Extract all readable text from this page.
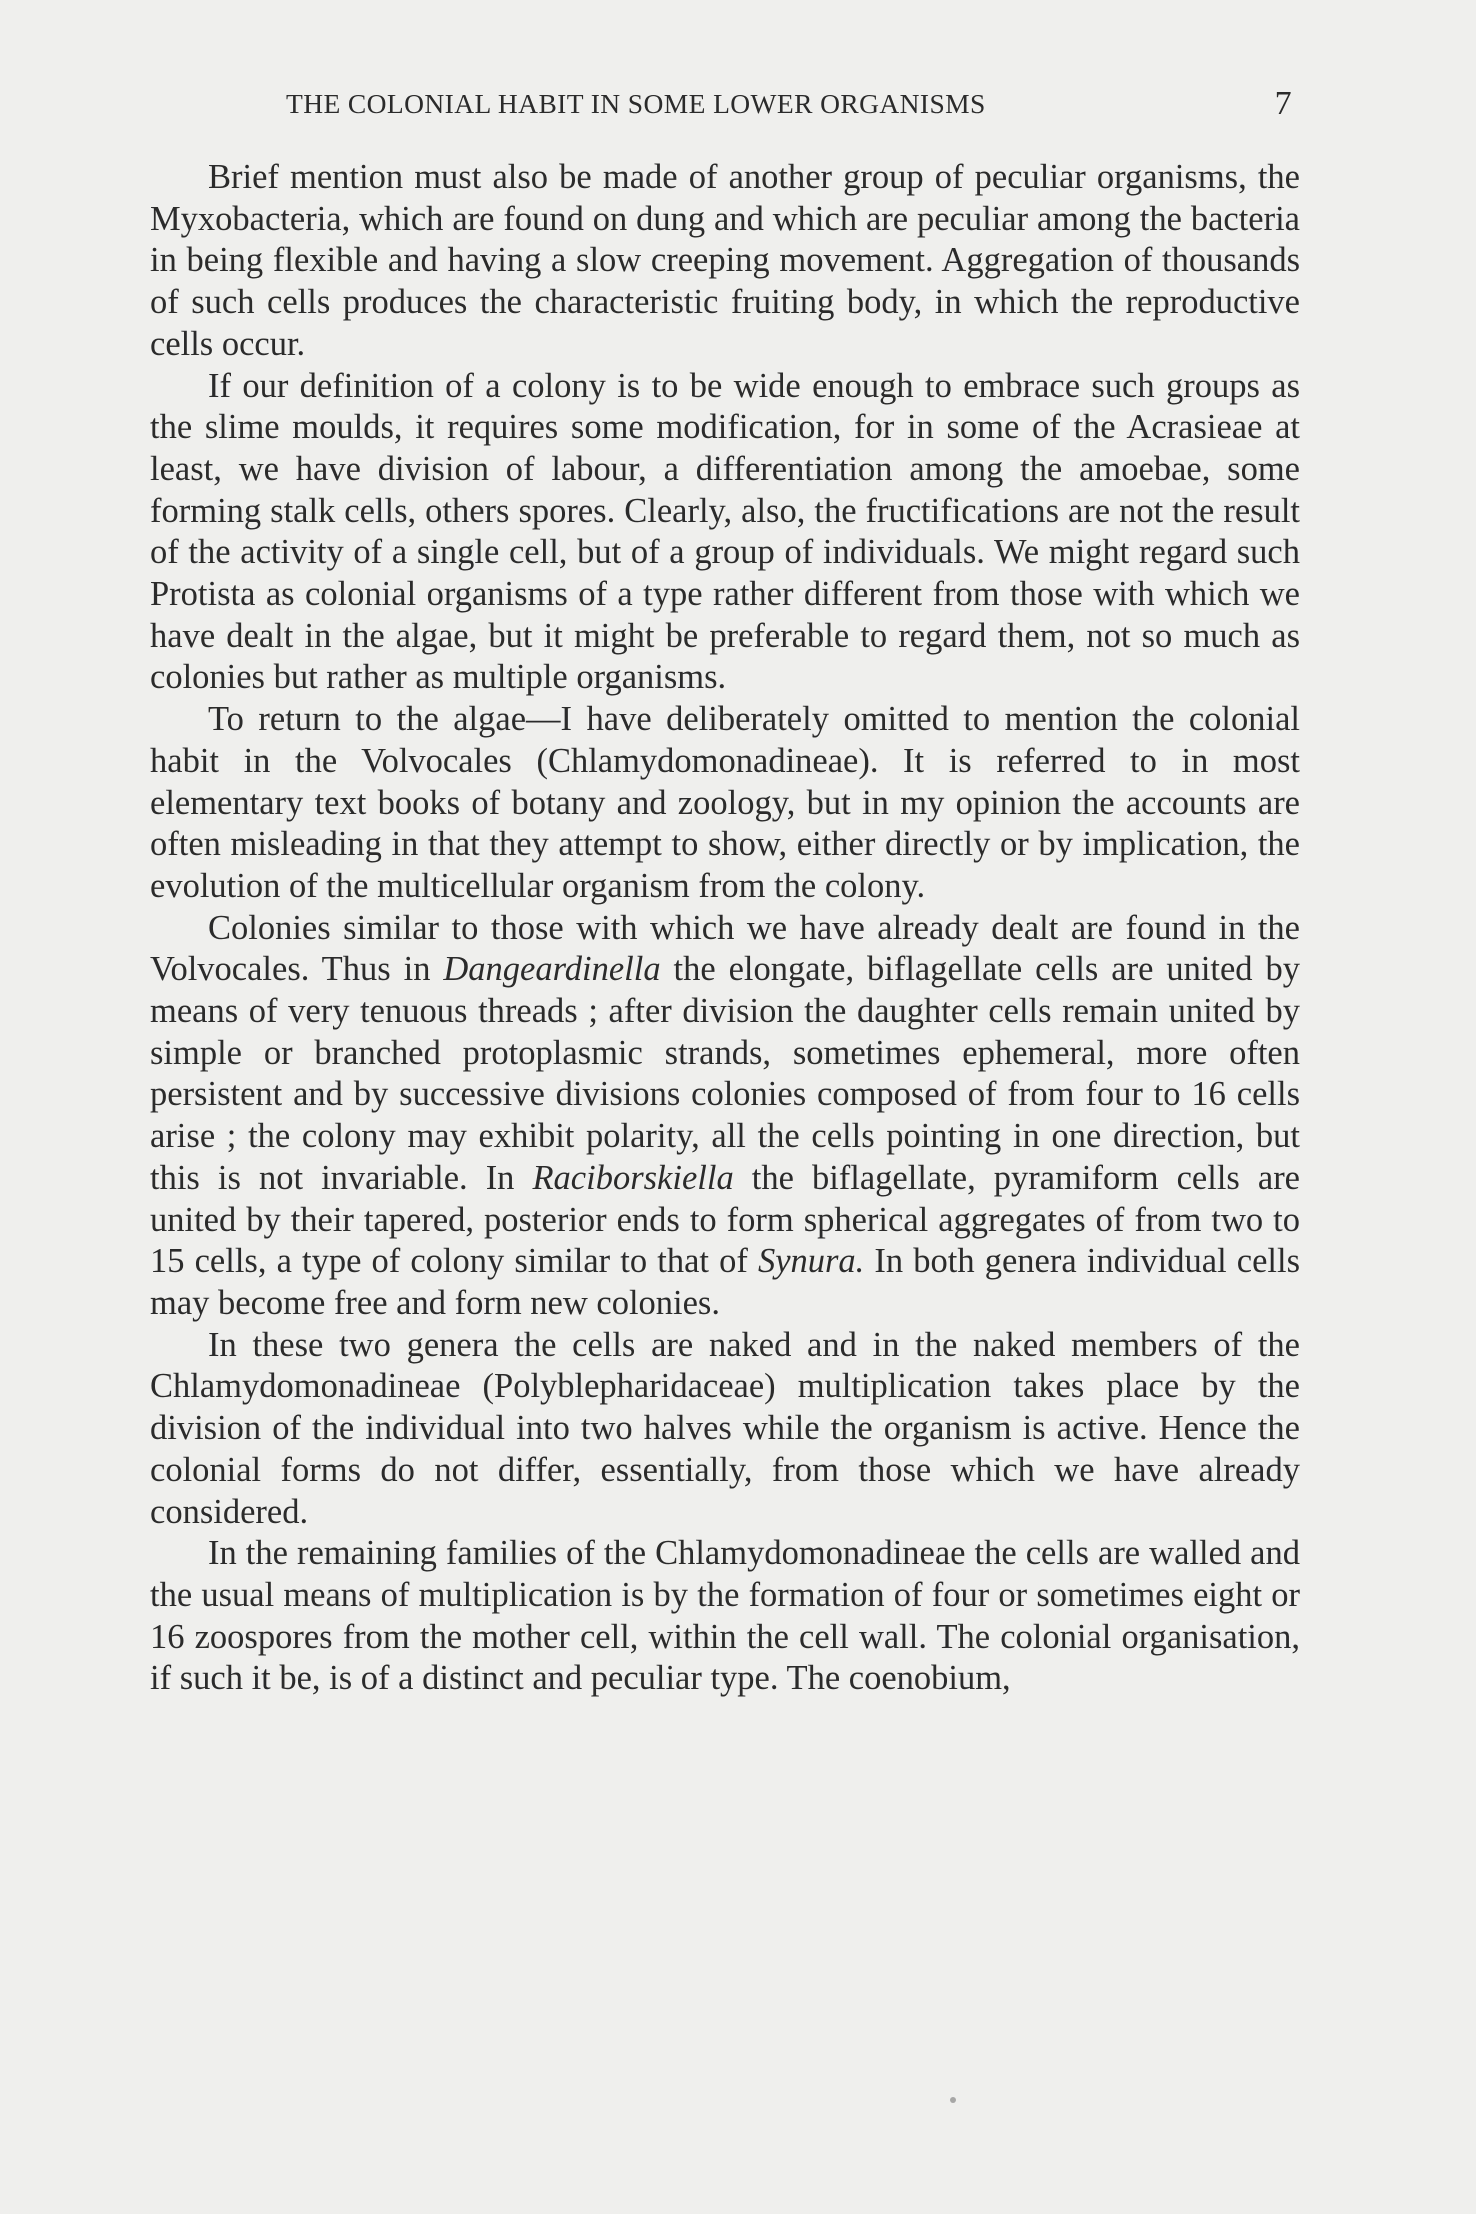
THE COLONIAL HABIT IN SOME LOWER ORGANISMS	7

Brief mention must also be made of another group of peculiar organisms, the Myxobacteria, which are found on dung and which are peculiar among the bacteria in being flexible and having a slow creeping movement. Aggregation of thousands of such cells produces the characteristic fruiting body, in which the reproductive cells occur.

If our definition of a colony is to be wide enough to embrace such groups as the slime moulds, it requires some modification, for in some of the Acrasieae at least, we have division of labour, a differentiation among the amoebae, some forming stalk cells, others spores. Clearly, also, the fructifications are not the result of the activity of a single cell, but of a group of individuals. We might regard such Protista as colonial organisms of a type rather different from those with which we have dealt in the algae, but it might be preferable to regard them, not so much as colonies but rather as multiple organisms.

To return to the algae—I have deliberately omitted to mention the colonial habit in the Volvocales (Chlamydomonadineae). It is referred to in most elementary text books of botany and zoology, but in my opinion the accounts are often misleading in that they attempt to show, either directly or by implication, the evolution of the multicellular organism from the colony.

Colonies similar to those with which we have already dealt are found in the Volvocales. Thus in Dangeardinella the elongate, biflagellate cells are united by means of very tenuous threads ; after division the daughter cells remain united by simple or branched protoplasmic strands, sometimes ephemeral, more often persistent and by successive divisions colonies composed of from four to 16 cells arise ; the colony may exhibit polarity, all the cells pointing in one direction, but this is not invariable. In Raciborskiella the biflagellate, pyramiform cells are united by their tapered, posterior ends to form spherical aggregates of from two to 15 cells, a type of colony similar to that of Synura. In both genera individual cells may become free and form new colonies.

In these two genera the cells are naked and in the naked members of the Chlamydomonadineae (Polyblepharidaceae) multiplication takes place by the division of the individual into two halves while the organism is active. Hence the colonial forms do not differ, essentially, from those which we have already considered.

In the remaining families of the Chlamydomonadineae the cells are walled and the usual means of multiplication is by the formation of four or sometimes eight or 16 zoospores from the mother cell, within the cell wall. The colonial organisation, if such it be, is of a distinct and peculiar type. The coenobium,
